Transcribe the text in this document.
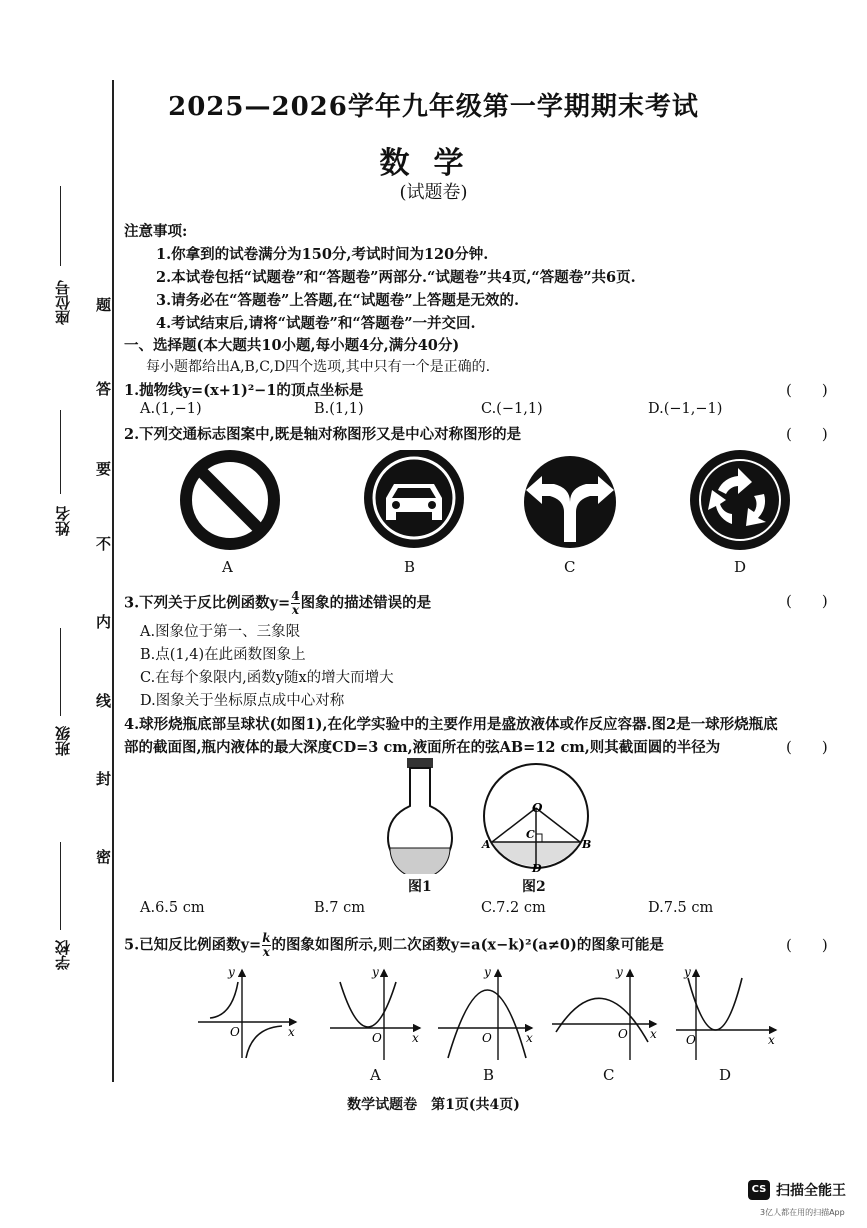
题
答
要
不
内
线
封
密
座位号
姓名
班级
学校
2025—2026学年九年级第一学期期末考试
数学
(试题卷)
注意事项:
1.你拿到的试卷满分为150分,考试时间为120分钟.
2.本试卷包括“试题卷”和“答题卷”两部分.“试题卷”共4页,“答题卷”共6页.
3.请务必在“答题卷”上答题,在“试题卷”上答题是无效的.
4.考试结束后,请将“试题卷”和“答题卷”一并交回.
一、选择题(本大题共10小题,每小题4分,满分40分)
每小题都给出A,B,C,D四个选项,其中只有一个是正确的.
1.抛物线y=(x+1)²−1的顶点坐标是	(　　)
A.(1,−1)	B.(1,1)	C.(−1,1)	D.(−1,−1)
2.下列交通标志图案中,既是轴对称图形又是中心对称图形的是	(　　)
A	B	C	D
3.下列关于反比例函数$y= \frac{4}{x}$ 图象的描述错误的是	(　　)
A.图象位于第一、三象限
B.点(1,4)在此函数图象上
C.在每个象限内,函数y随x的增大而增大
D.图象关于坐标原点成中心对称
4.球形烧瓶底部呈球状(如图1),在化学实验中的主要作用是盛放液体或作反应容器.图2是一球形烧瓶底
部的截面图,瓶内液体的最大深度CD=3 cm,液面所在的弦AB=12 cm,则其截面圆的半径为	(　　)
O
C
A	B
D
图1	图2
A.6.5 cm	B.7 cm	C.7.2 cm	D.7.5 cm
5.已知反比例函数$y= \frac{k}{x}$ 的图象如图所示,则二次函数y=a(x−k)²(a≠0)的图象可能是	(　　)
y
x
O
y
x
O
y
x
O
y
x
O
y
x
O
A	B	C	D
数学试题卷　第1页(共4页)
CS 扫描全能王
3亿人都在用的扫描App
